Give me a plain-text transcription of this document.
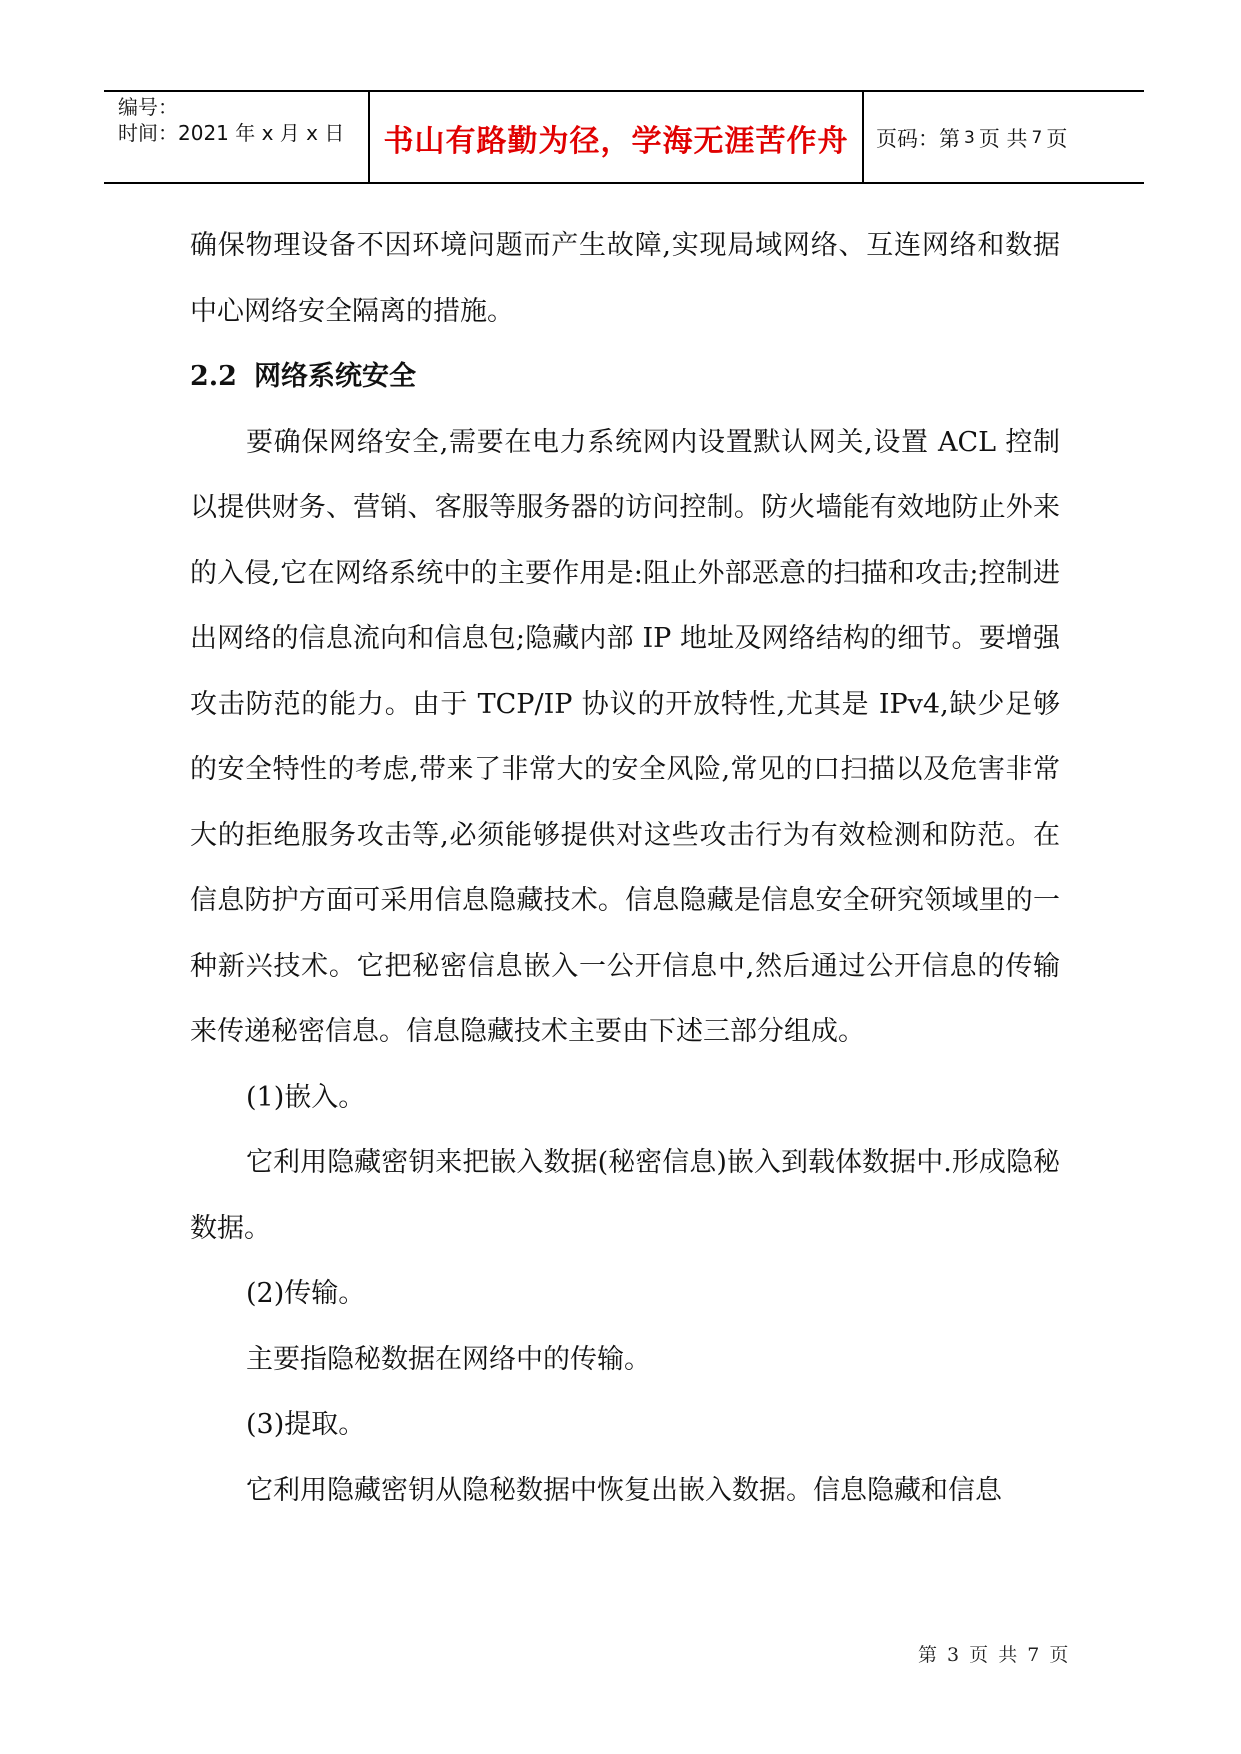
编号：
时间：2021 年 x 月 x 日	书山有路勤为径，学海无涯苦作舟	页码：第 3 页 共 7 页

确保物理设备不因环境问题而产生故障,实现局域网络、互连网络和数据中心网络安全隔离的措施。

2.2 网络系统安全

要确保网络安全,需要在电力系统网内设置默认网关,设置 ACL 控制以提供财务、营销、客服等服务器的访问控制。防火墙能有效地防止外来的入侵,它在网络系统中的主要作用是:阻止外部恶意的扫描和攻击;控制进出网络的信息流向和信息包;隐藏内部 IP 地址及网络结构的细节。要增强攻击防范的能力。由于 TCP/IP 协议的开放特性,尤其是 IPv4,缺少足够的安全特性的考虑,带来了非常大的安全风险,常见的口扫描以及危害非常大的拒绝服务攻击等,必须能够提供对这些攻击行为有效检测和防范。在信息防护方面可采用信息隐藏技术。信息隐藏是信息安全研究领域里的一种新兴技术。它把秘密信息嵌入一公开信息中,然后通过公开信息的传输来传递秘密信息。信息隐藏技术主要由下述三部分组成。

(1)嵌入。

它利用隐藏密钥来把嵌入数据(秘密信息)嵌入到载体数据中.形成隐秘数据。

(2)传输。

主要指隐秘数据在网络中的传输。

(3)提取。

它利用隐藏密钥从隐秘数据中恢复出嵌入数据。信息隐藏和信息

第 3 页 共 7 页
